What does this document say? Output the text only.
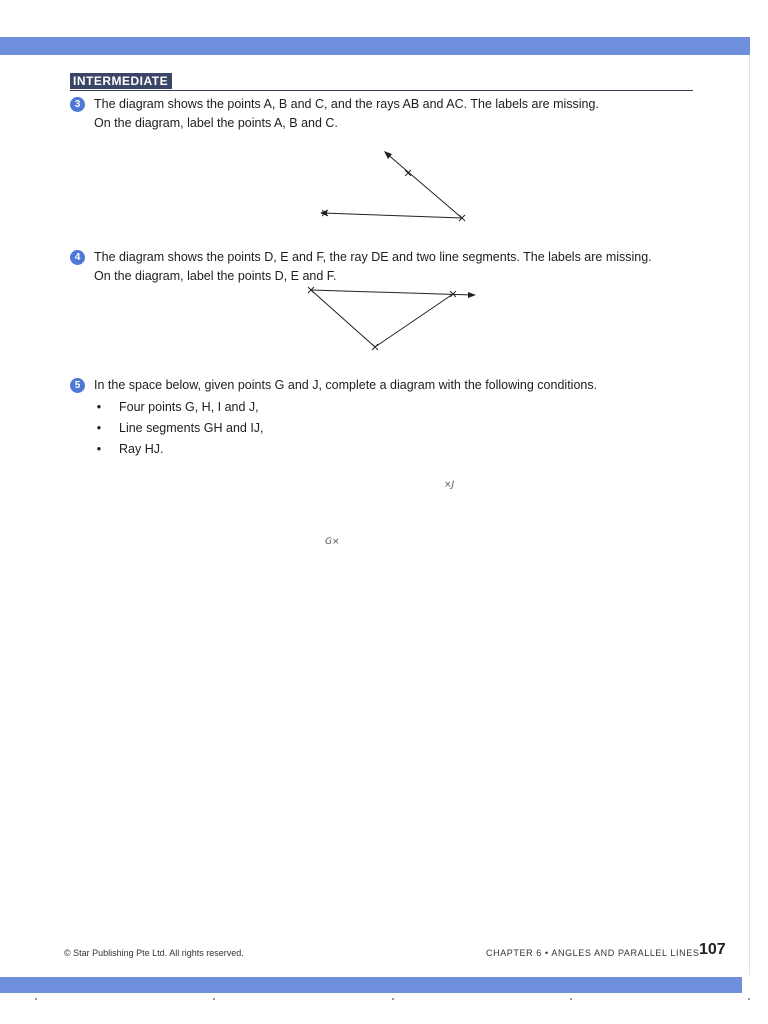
INTERMEDIATE
3	The diagram shows the points A, B and C, and the rays AB and AC. The labels are missing.

On the diagram, label the points A, B and C.

4	The diagram shows the points D, E and F, the ray DE and two line segments. The labels are missing.

On the diagram, label the points D, E and F.

5	In the space below, given points G and J, complete a diagram with the following conditions.

• Four points G, H, I and J,
• Line segments GH and IJ,
• Ray HJ.
×J
G×
© Star Publishing Pte Ltd. All rights reserved.	CHAPTER 6 • ANGLES AND PARALLEL LINES 107
